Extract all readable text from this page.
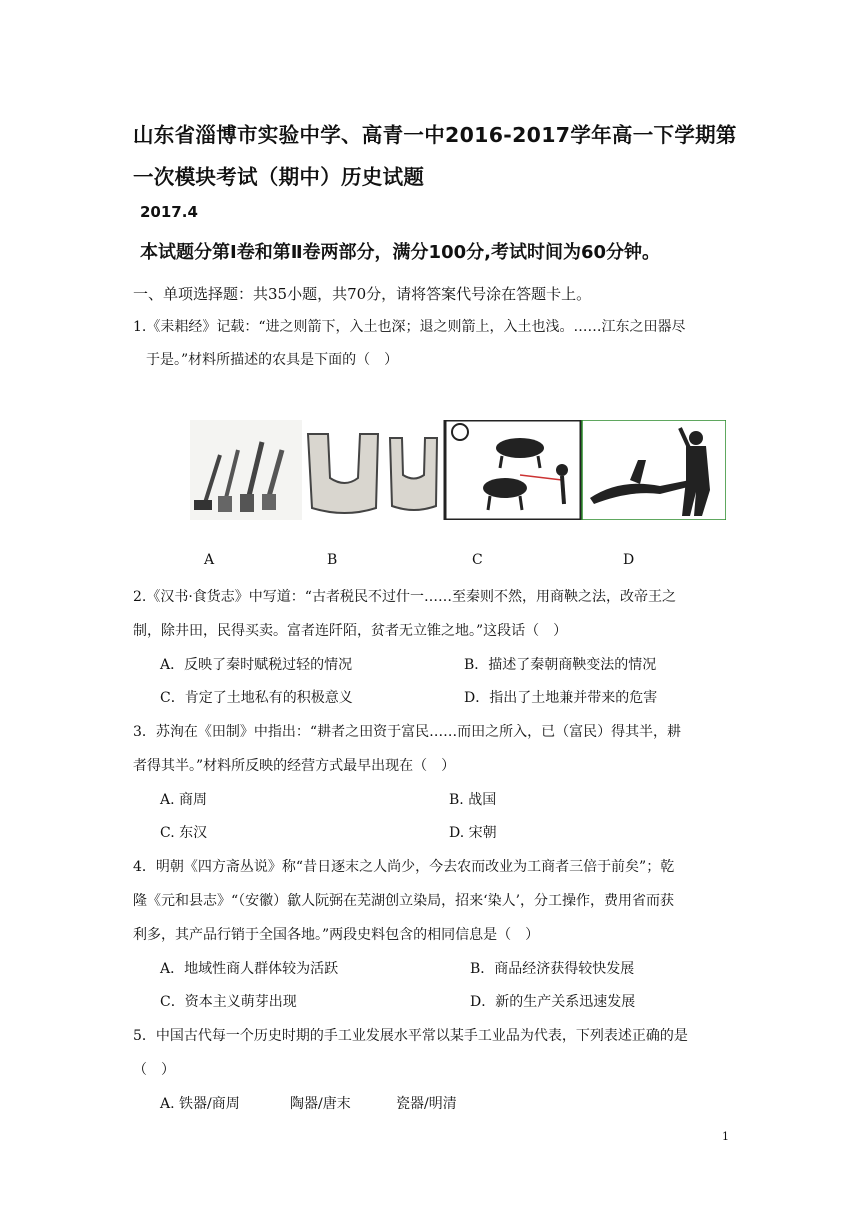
山东省淄博市实验中学、高青一中2016-2017学年高一下学期第
一次模块考试（期中）历史试题
2017.4
本试题分第Ⅰ卷和第Ⅱ卷两部分，满分100分,考试时间为60分钟。
一、单项选择题：共35小题，共70分，请将答案代号涂在答题卡上。
1.《耒耜经》记载：“进之则箭下，入土也深；退之则箭上，入土也浅。……江东之田器尽
于是。”材料所描述的农具是下面的（　）
A	B	C	D
2.《汉书·食货志》中写道：“古者税民不过什一……至秦则不然，用商鞅之法，改帝王之
制，除井田，民得买卖。富者连阡陌，贫者无立锥之地。”这段话（　）
A．反映了秦时赋税过轻的情况	B．描述了秦朝商鞅变法的情况
C．肯定了土地私有的积极意义	D．指出了土地兼并带来的危害
3．苏洵在《田制》中指出：“耕者之田资于富民……而田之所入，已（富民）得其半，耕
者得其半。”材料所反映的经营方式最早出现在（　）
A. 商周	B. 战国
C. 东汉	D. 宋朝
4．明朝《四方斋丛说》称“昔日逐末之人尚少，今去农而改业为工商者三倍于前矣”；乾
隆《元和县志》“（安徽）歙人阮弼在芜湖创立染局，招来‘染人’，分工操作，费用省而获
利多，其产品行销于全国各地。”两段史料包含的相同信息是（　）
A．地域性商人群体较为活跃	B．商品经济获得较快发展
C．资本主义萌芽出现	D．新的生产关系迅速发展
5．中国古代每一个历史时期的手工业发展水平常以某手工业品为代表，下列表述正确的是
（　）
A. 铁器/商周	陶器/唐末	瓷器/明清
1
